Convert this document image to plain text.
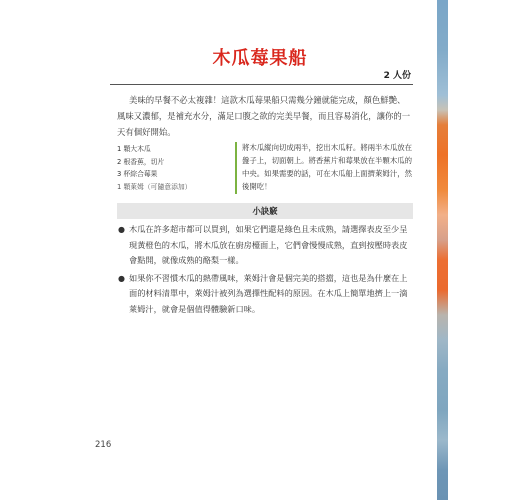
木瓜莓果船
2 人份
美味的早餐不必太複雜！這款木瓜莓果船只需幾分鐘就能完成，顏色鮮艷、風味又濃郁，是補充水分，滿足口腹之欲的完美早餐，而且容易消化，讓你的一天有個好開始。
1 顆大木瓜
2 根香蕉，切片
3 杯綜合莓果
1 顆萊姆（可隨意添加）
將木瓜縱向切成兩半，挖出木瓜籽。將兩半木瓜放在盤子上，切面朝上。將香蕉片和莓果放在半顆木瓜的中央。如果需要的話，可在木瓜船上面擠萊姆汁，然後開吃！
小訣竅
● 木瓜在許多超市都可以買到，如果它們還是綠色且未成熟，請選擇表皮至少呈現黃橙色的木瓜，將木瓜放在廚房檯面上，它們會慢慢成熟，直到按壓時表皮會點開，就像成熟的酪梨一樣。
● 如果你不習慣木瓜的熱帶風味，萊姆汁會是個完美的搭擋，這也是為什麼在上面的材料清單中，萊姆汁被列為選擇性配料的原因。在木瓜上簡單地擠上一滴萊姆汁，就會是個值得體驗新口味。
216
